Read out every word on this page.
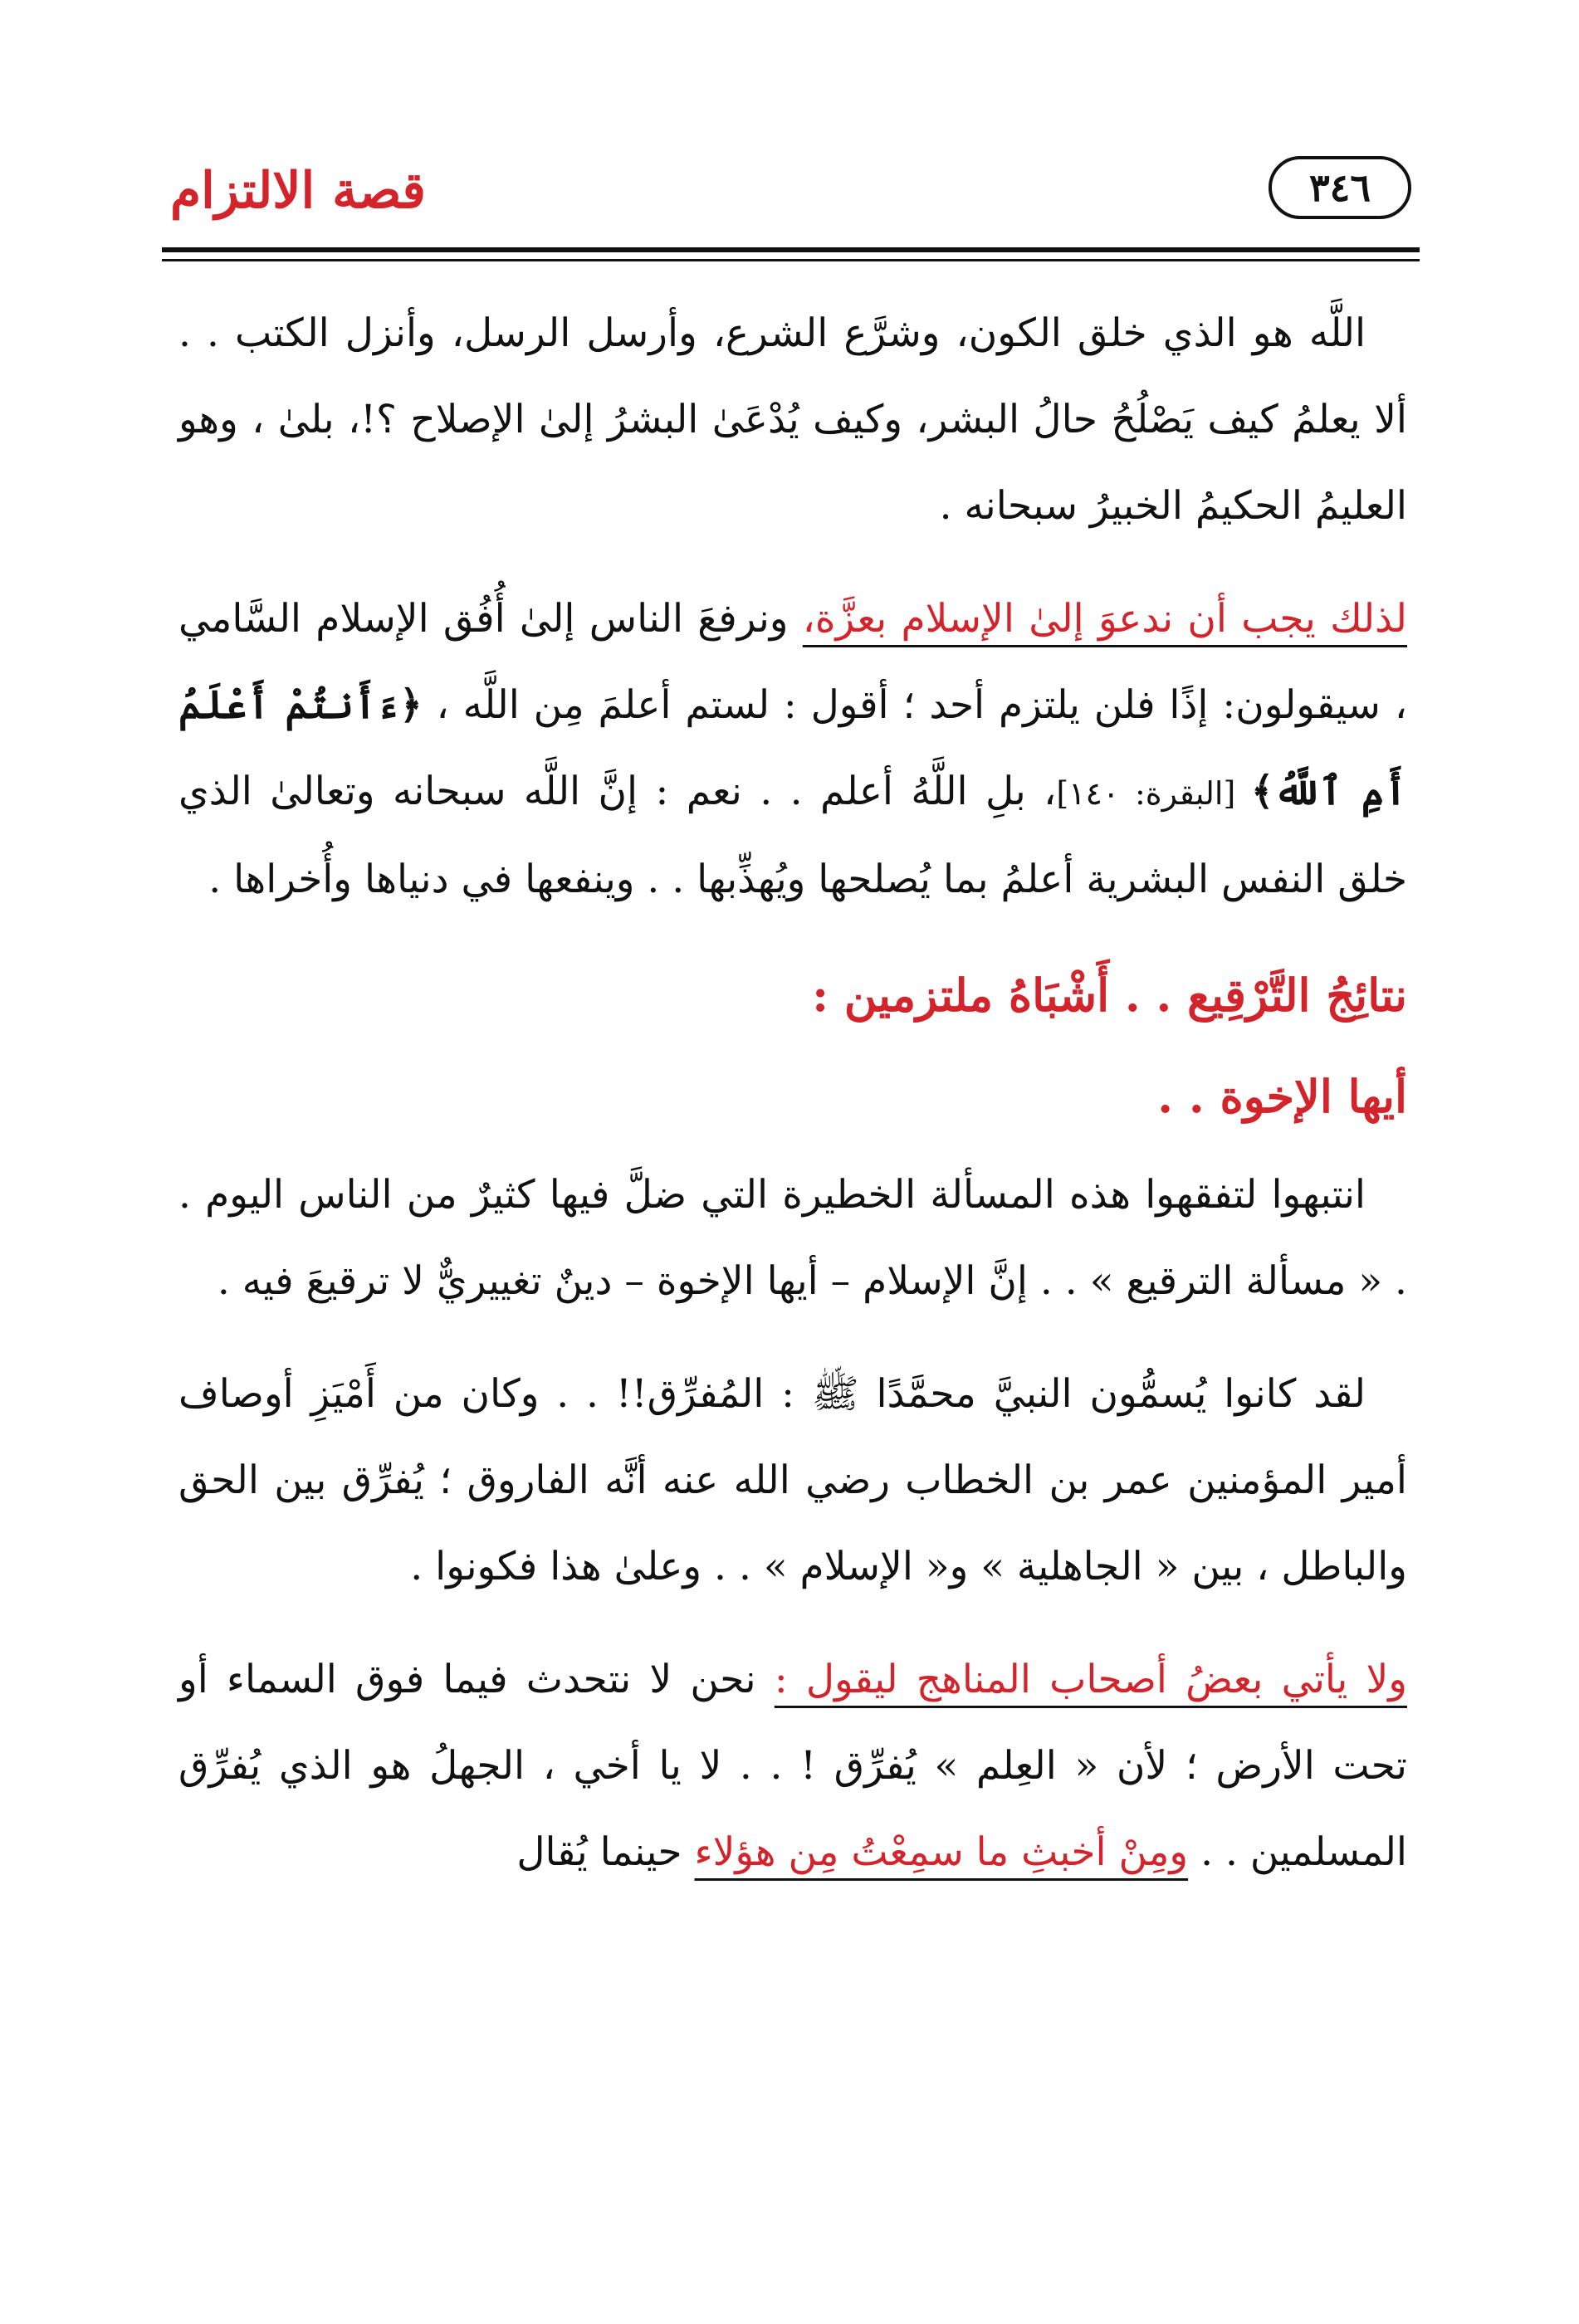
٣٤٦
قصة الالتزام

اللَّه هو الذي خلق الكون، وشرَّع الشرع، وأرسل الرسل، وأنزل الكتب . . ألا يعلمُ كيف يَصْلُحُ حالُ البشر، وكيف يُدْعَىٰ البشرُ إلىٰ الإصلاح ؟!، بلىٰ ، وهو العليمُ الحكيمُ الخبيرُ سبحانه .

لذلك يجب أن ندعوَ إلىٰ الإسلام بعزَّة، ونرفعَ الناس إلىٰ أُفُق الإسلام السَّامي ، سيقولون: إذًا فلن يلتزم أحد ؛ أقول : لستم أعلمَ مِن اللَّه ، ﴿ءَأَنتُمْ أَعْلَمُ أَمِ ٱللَّهُ﴾ [البقرة: ١٤٠]، بلِ اللَّهُ أعلم . . نعم : إنَّ اللَّه سبحانه وتعالىٰ الذي خلق النفس البشرية أعلمُ بما يُصلحها ويُهذِّبها . . وينفعها في دنياها وأُخراها .

نتائِجُ التَّرْقِيع . . أَشْبَاهُ ملتزمين :
أيها الإخوة . .

انتبهوا لتفقهوا هذه المسألة الخطيرة التي ضلَّ فيها كثيرٌ من الناس اليوم . . « مسألة الترقيع » . . إنَّ الإسلام – أيها الإخوة – دينٌ تغييريٌّ لا ترقيعَ فيه .

لقد كانوا يُسمُّون النبيَّ محمَّدًا ﷺ : المُفرِّق!! . . وكان من أَمْيَزِ أوصاف أمير المؤمنين عمر بن الخطاب رضي الله عنه أنَّه الفاروق ؛ يُفرِّق بين الحق والباطل ، بين « الجاهلية » و« الإسلام » . . وعلىٰ هذا فكونوا .

ولا يأتي بعضُ أصحاب المناهج ليقول : نحن لا نتحدث فيما فوق السماء أو تحت الأرض ؛ لأن « العِلم » يُفرِّق ! . . لا يا أخي ، الجهلُ هو الذي يُفرِّق المسلمين . . ومِنْ أخبثِ ما سمِعْتُ مِن هؤلاء حينما يُقال
